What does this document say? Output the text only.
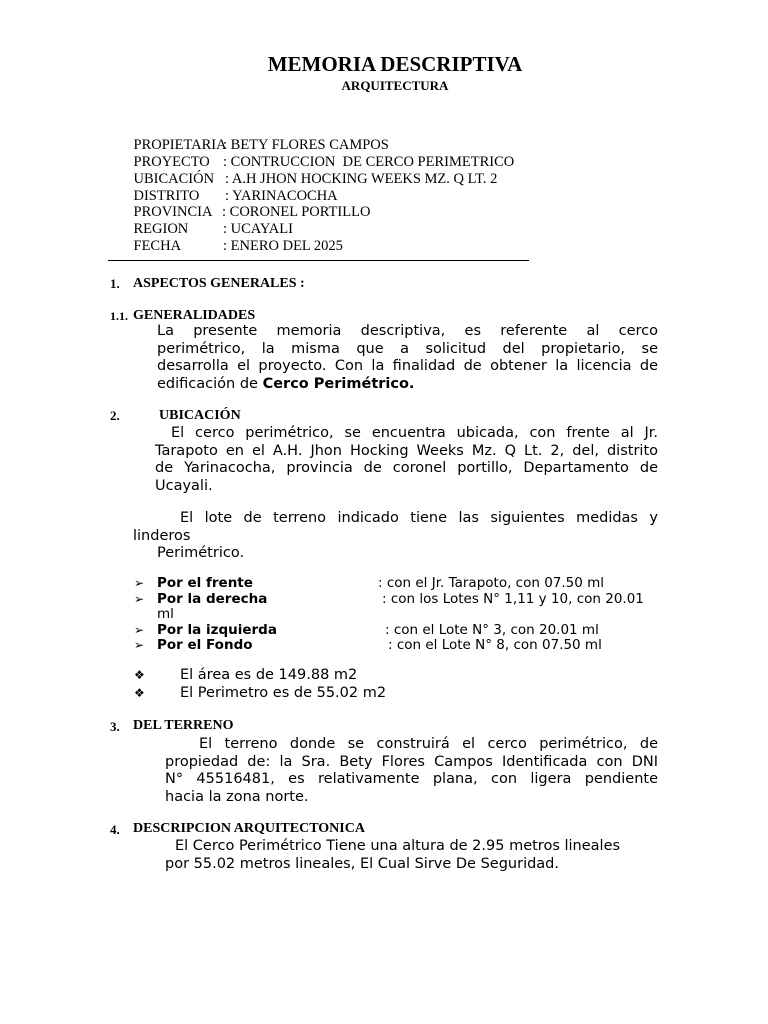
MEMORIA DESCRIPTIVA
ARQUITECTURA

PROPIETARIA
: BETY FLORES CAMPOS

PROYECTO : CONTRUCCION  DE CERCO PERIMETRICO

UBICACIÓN : A.H JHON HOCKING WEEKS MZ. Q LT. 2

DISTRITO : YARINACOCHA

PROVINCIA : CORONEL PORTILLO

REGION : UCAYALI

FECHA	: ENERO DEL 2025

1. ASPECTOS GENERALES :
1.1. GENERALIDADES
La presente memoria descriptiva, es referente al cerco
perimétrico, la misma que a solicitud del propietario, se
desarrolla el proyecto. Con la finalidad de obtener la licencia de
edificación de Cerco Perimétrico.
2.	UBICACIÓN
El cerco perimétrico, se encuentra ubicada, con frente al Jr.
Tarapoto en el A.H. Jhon Hocking Weeks Mz. Q Lt. 2, del, distrito
de Yarinacocha, provincia de coronel portillo, Departamento de
Ucayali.
El lote de terreno indicado tiene las siguientes medidas y
linderos
Perimétrico.
➢ Por el frente	: con el Jr. Tarapoto, con 07.50 ml
➢ Por la derecha	: con los Lotes N° 1,11 y 10, con 20.01
ml
➢ Por la izquierda	: con el Lote N° 3, con 20.01 ml
➢ Por el Fondo	: con el Lote N° 8, con 07.50 ml
❖ El área es de 149.88 m2
❖ El Perimetro es de 55.02 m2
3. DEL TERRENO
El terreno donde se construirá el cerco perimétrico, de
propiedad de: la Sra. Bety Flores Campos Identificada con DNI
N° 45516481, es relativamente plana, con ligera pendiente
hacia la zona norte.
4. DESCRIPCION ARQUITECTONICA
El Cerco Perimétrico Tiene una altura de 2.95 metros lineales
por 55.02 metros lineales, El Cual Sirve De Seguridad.
